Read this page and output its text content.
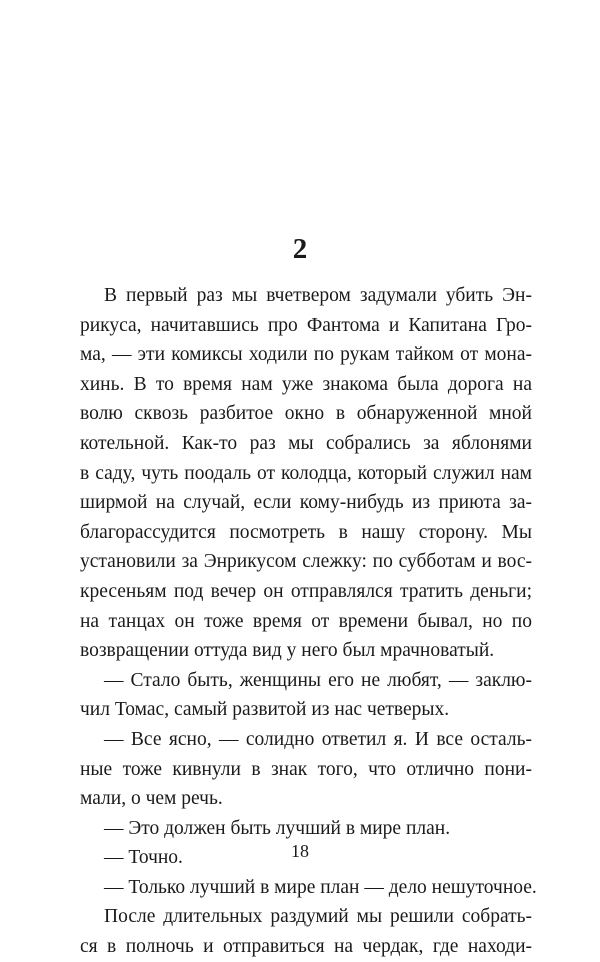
2
В первый раз мы вчетвером задумали убить Эн-
рикуса, начитавшись про Фантома и Капитана Гро-
ма, — эти комиксы ходили по рукам тайком от мона-
хинь. В то время нам уже знакома была дорога на
волю сквозь разбитое окно в обнаруженной мной
котельной. Как-то раз мы собрались за яблонями
в саду, чуть поодаль от колодца, который служил нам
ширмой на случай, если кому-нибудь из приюта за-
благорассудится посмотреть в нашу сторону. Мы
установили за Энрикусом слежку: по субботам и вос-
кресеньям под вечер он отправлялся тратить деньги;
на танцах он тоже время от времени бывал, но по
возвращении оттуда вид у него был мрачноватый.
— Стало быть, женщины его не любят, — заклю-
чил Томас, самый развитой из нас четверых.
— Все ясно, — солидно ответил я. И все осталь-
ные тоже кивнули в знак того, что отлично пони-
мали, о чем речь.
— Это должен быть лучший в мире план.
— Точно.
— Только лучший в мире план — дело нешуточное.
После длительных раздумий мы решили собрать-
ся в полночь и отправиться на чердак, где находи-
18
